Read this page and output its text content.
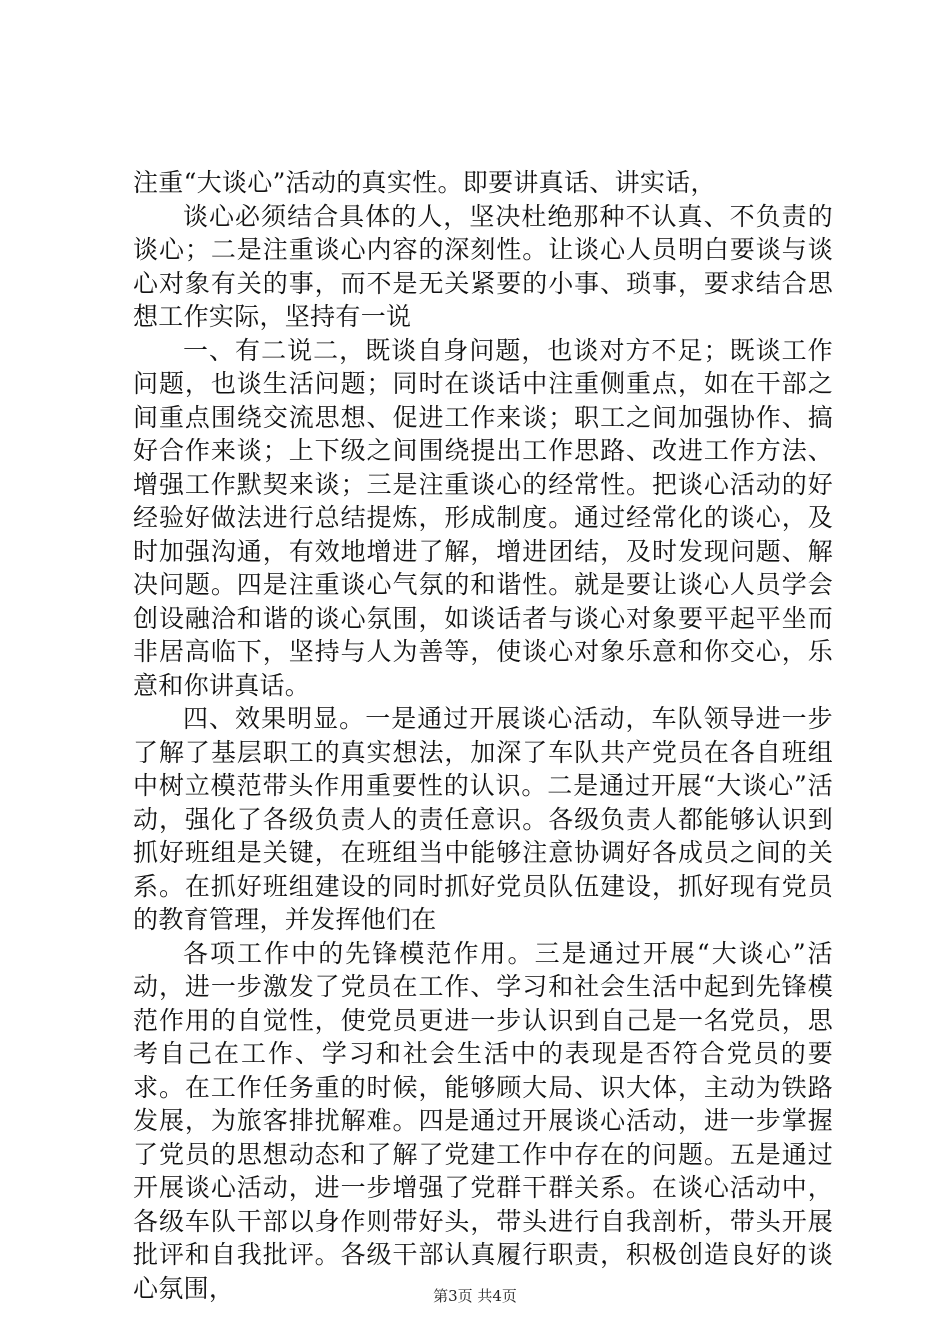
注重“大谈心”活动的真实性。即要讲真话、讲实话，

谈心必须结合具体的人，坚决杜绝那种不认真、不负责的谈心；二是注重谈心内容的深刻性。让谈心人员明白要谈与谈心对象有关的事，而不是无关紧要的小事、琐事，要求结合思想工作实际，坚持有一说

一、有二说二，既谈自身问题，也谈对方不足；既谈工作问题，也谈生活问题；同时在谈话中注重侧重点，如在干部之间重点围绕交流思想、促进工作来谈；职工之间加强协作、搞好合作来谈；上下级之间围绕提出工作思路、改进工作方法、增强工作默契来谈；三是注重谈心的经常性。把谈心活动的好经验好做法进行总结提炼，形成制度。通过经常化的谈心，及时加强沟通，有效地增进了解，增进团结，及时发现问题、解决问题。四是注重谈心气氛的和谐性。就是要让谈心人员学会创设融洽和谐的谈心氛围，如谈话者与谈心对象要平起平坐而非居高临下，坚持与人为善等，使谈心对象乐意和你交心，乐意和你讲真话。

四、效果明显。一是通过开展谈心活动，车队领导进一步了解了基层职工的真实想法，加深了车队共产党员在各自班组中树立模范带头作用重要性的认识。二是通过开展“大谈心”活动，强化了各级负责人的责任意识。各级负责人都能够认识到抓好班组是关键，在班组当中能够注意协调好各成员之间的关系。在抓好班组建设的同时抓好党员队伍建设，抓好现有党员的教育管理，并发挥他们在

各项工作中的先锋模范作用。三是通过开展“大谈心”活动，进一步激发了党员在工作、学习和社会生活中起到先锋模范作用的自觉性，使党员更进一步认识到自己是一名党员，思考自己在工作、学习和社会生活中的表现是否符合党员的要求。在工作任务重的时候，能够顾大局、识大体，主动为铁路发展，为旅客排扰解难。四是通过开展谈心活动，进一步掌握了党员的思想动态和了解了党建工作中存在的问题。五是通过开展谈心活动，进一步增强了党群干群关系。在谈心活动中，各级车队干部以身作则带好头，带头进行自我剖析，带头开展批评和自我批评。各级干部认真履行职责，积极创造良好的谈心氛围，	第3页 共4页
